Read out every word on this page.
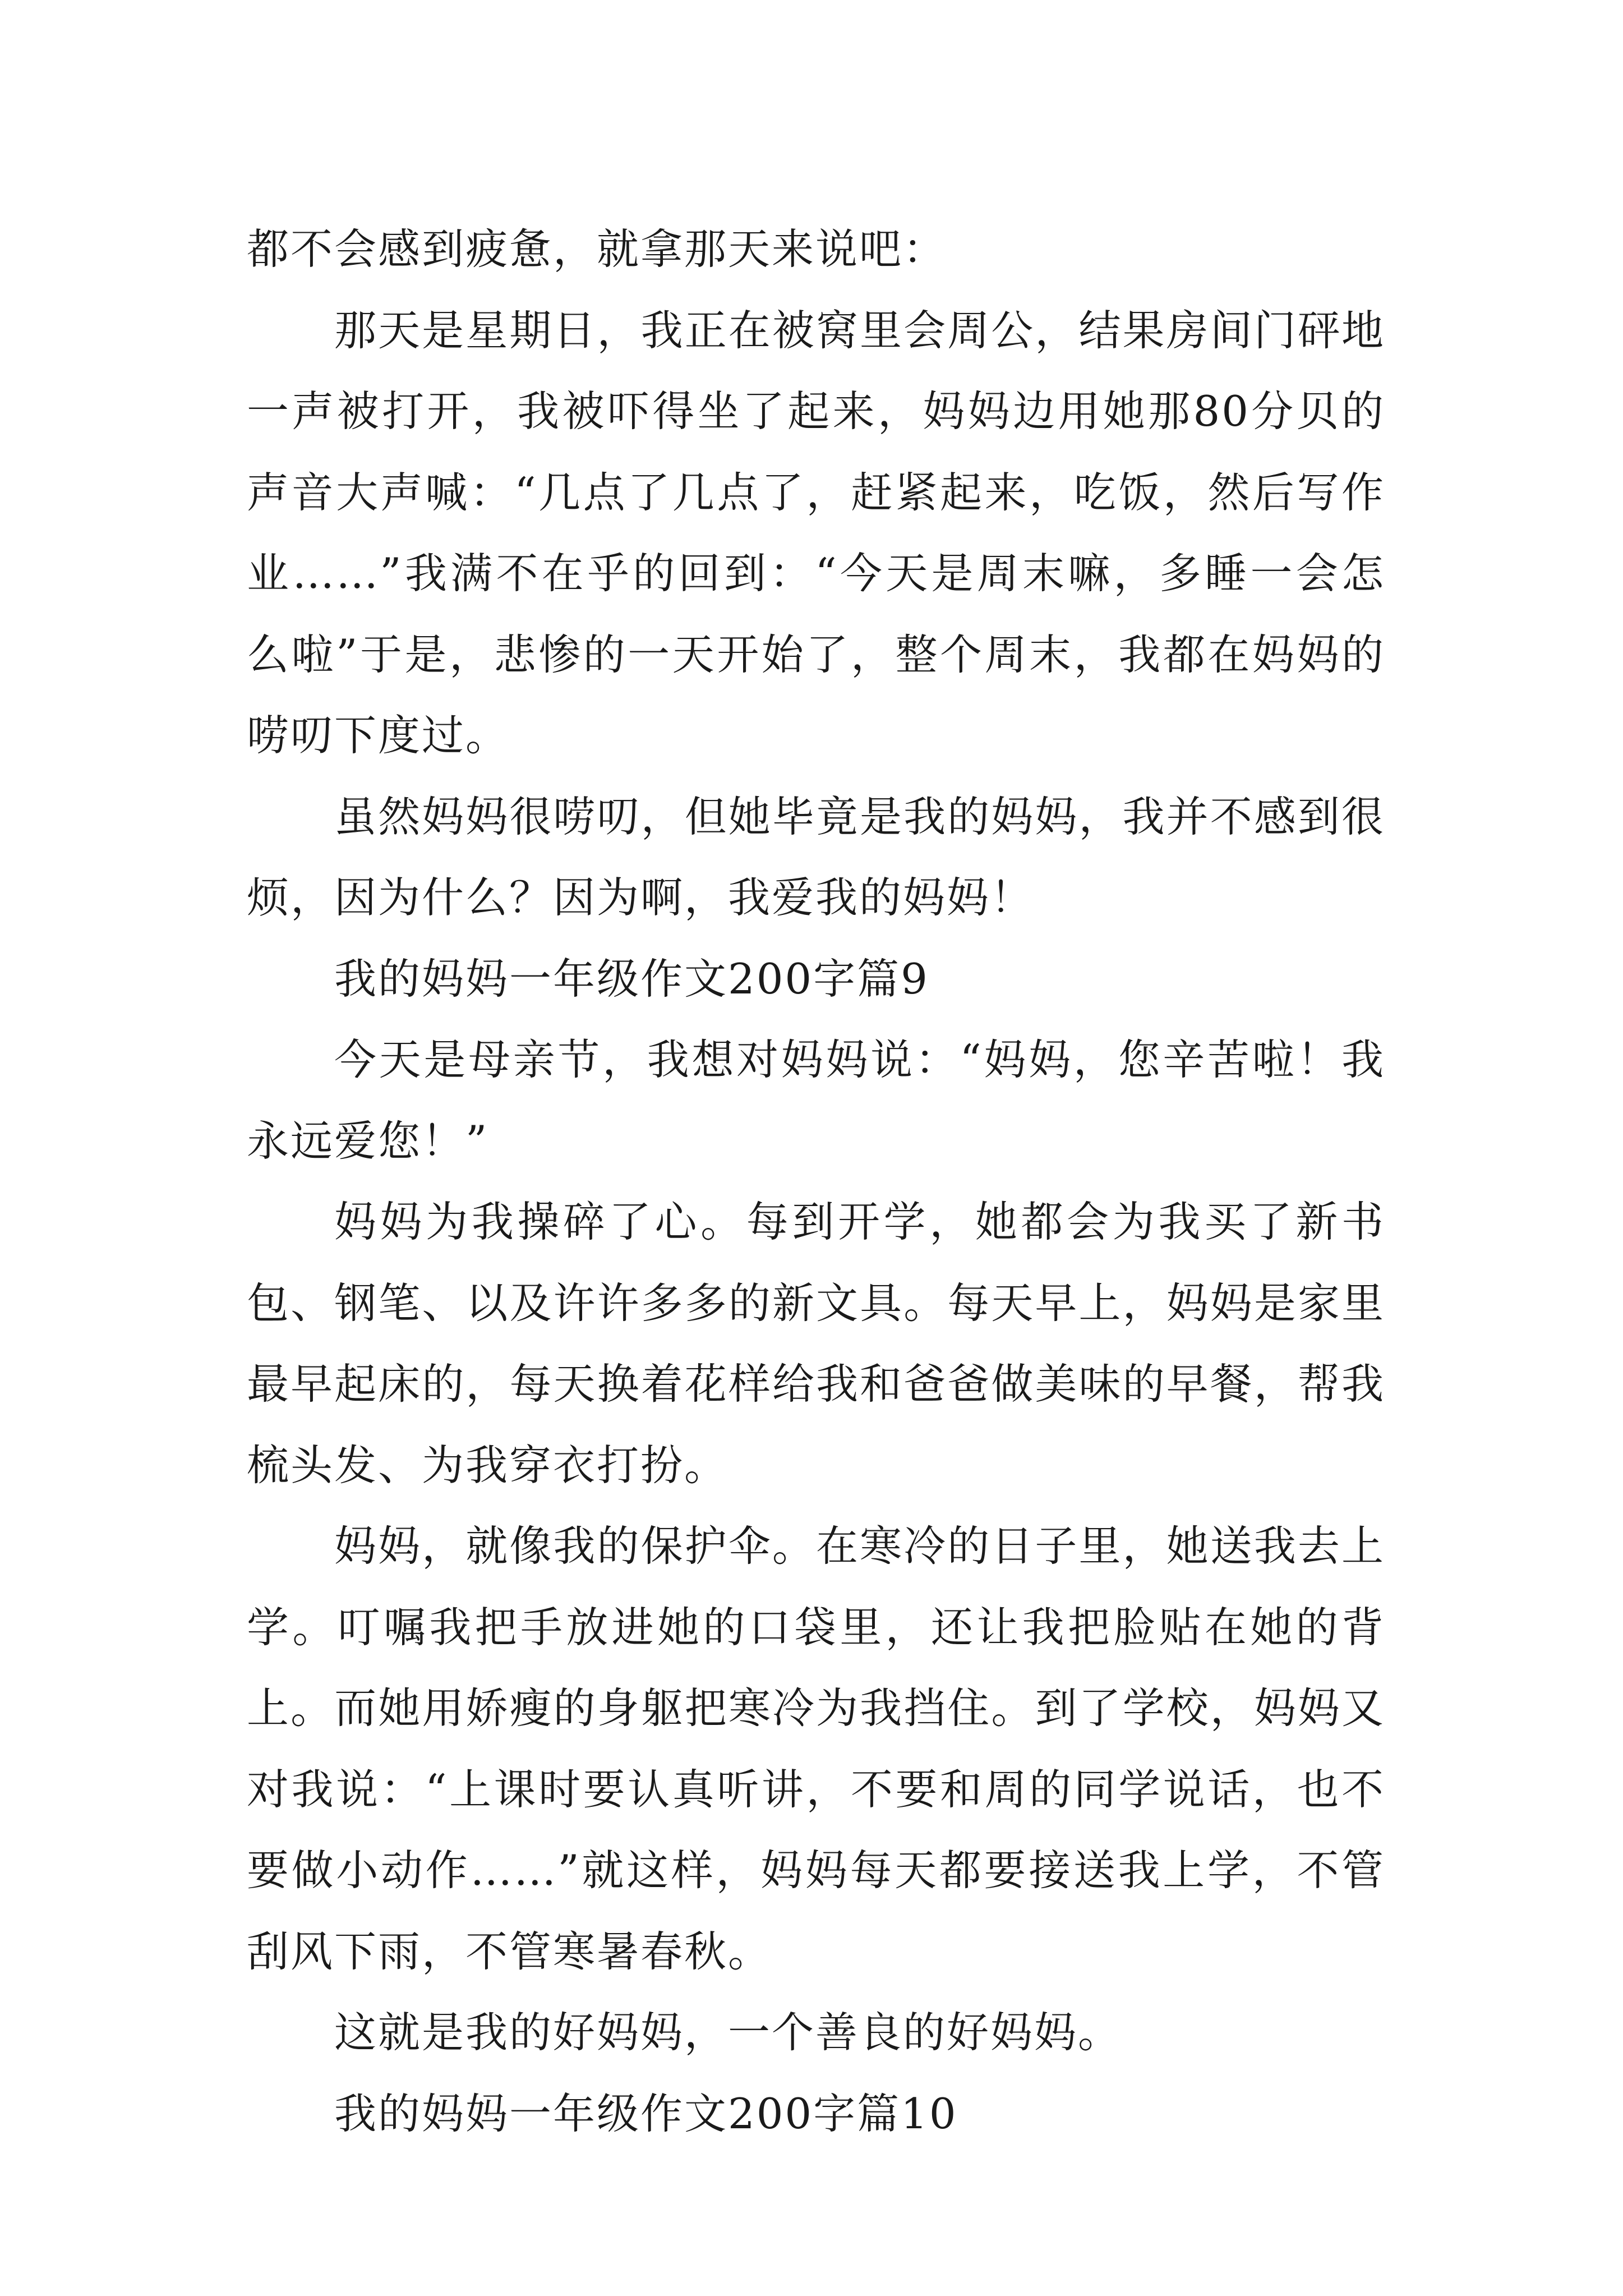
都不会感到疲惫，就拿那天来说吧：

那天是星期日，我正在被窝里会周公，结果房间门砰地一声被打开，我被吓得坐了起来，妈妈边用她那80分贝的声音大声喊：“几点了几点了，赶紧起来，吃饭，然后写作业……”我满不在乎的回到：“今天是周末嘛，多睡一会怎么啦”于是，悲惨的一天开始了，整个周末，我都在妈妈的唠叨下度过。

虽然妈妈很唠叨，但她毕竟是我的妈妈，我并不感到很烦，因为什么？因为啊，我爱我的妈妈！

我的妈妈一年级作文200字篇9

今天是母亲节，我想对妈妈说：“妈妈，您辛苦啦！我永远爱您！”

妈妈为我操碎了心。每到开学，她都会为我买了新书包、钢笔、以及许许多多的新文具。每天早上，妈妈是家里最早起床的，每天换着花样给我和爸爸做美味的早餐，帮我梳头发、为我穿衣打扮。

妈妈，就像我的保护伞。在寒冷的日子里，她送我去上学。叮嘱我把手放进她的口袋里，还让我把脸贴在她的背上。而她用娇瘦的身躯把寒冷为我挡住。到了学校，妈妈又对我说：“上课时要认真听讲，不要和周的同学说话，也不要做小动作……”就这样，妈妈每天都要接送我上学，不管刮风下雨，不管寒暑春秋。

这就是我的好妈妈，一个善良的好妈妈。

我的妈妈一年级作文200字篇10
